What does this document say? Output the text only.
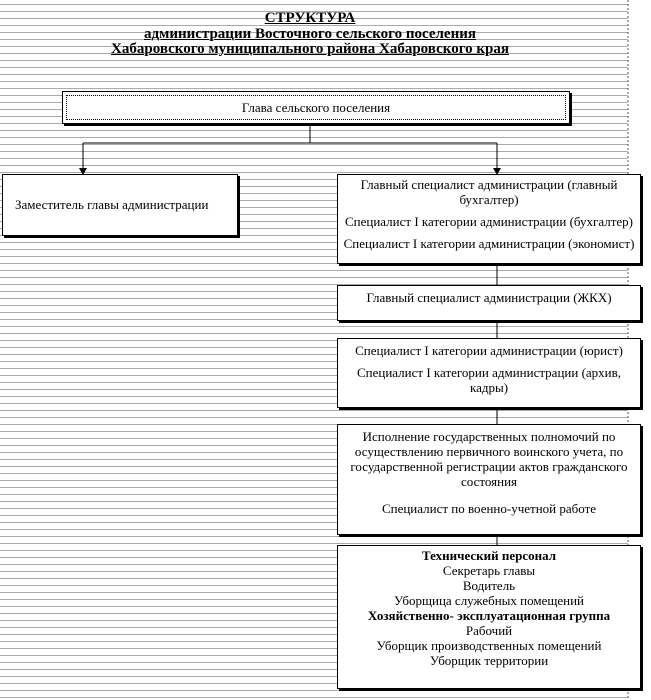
СТРУКТУРА
администрации Восточного сельского поселения
Хабаровского муниципального района Хабаровского края
Глава сельского поселения
Заместитель главы администрации

Главный специалист администрации (главный бухгалтер)

Специалист I категории администрации (бухгалтер)

Специалист I категории администрации (экономист)

Главный специалист администрации (ЖКХ)

Специалист I категории администрации (юрист)

Специалист I категории администрации (архив, кадры)

Исполнение государственных полномочий по осуществлению первичного воинского учета, по государственной регистрации актов гражданского состояния

Специалист по военно-учетной работе

Технический персонал

Секретарь главы

Водитель

Уборщица служебных помещений

Хозяйственно- эксплуатационная группа

Рабочий

Уборщик производственных помещений

Уборщик территории
